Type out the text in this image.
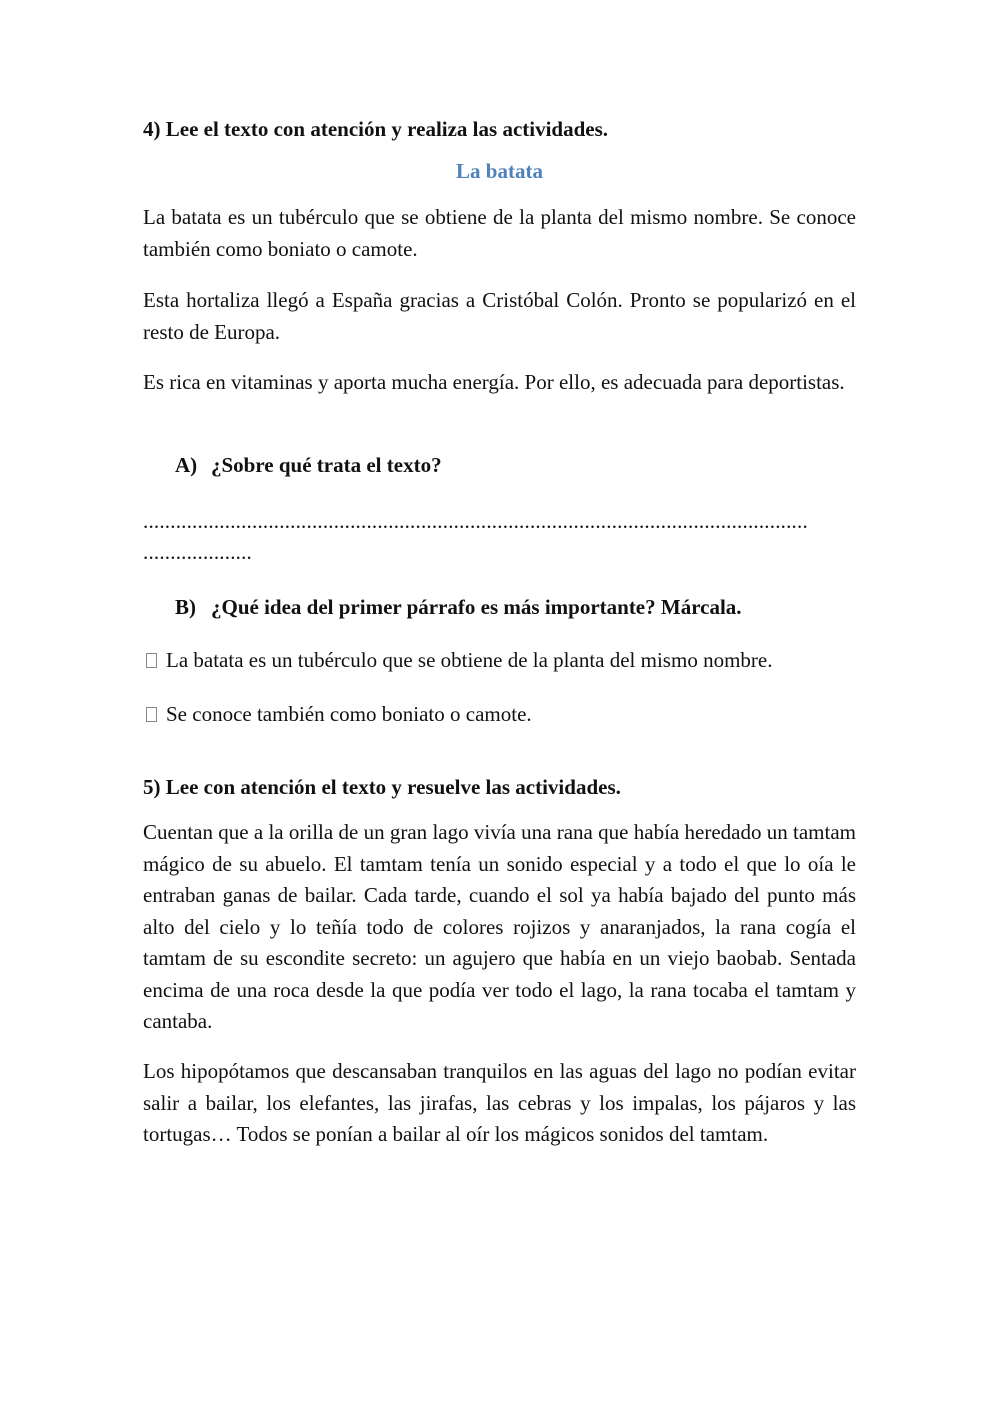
4) Lee el texto con atención y realiza las actividades.

La batata

La batata es un tubérculo que se obtiene de la planta del mismo nombre. Se conoce también como boniato o camote.

Esta hortaliza llegó a España gracias a Cristóbal Colón. Pronto se popularizó en el resto de Europa.

Es rica en vitaminas y aporta mucha energía. Por ello, es adecuada para deportistas.

A) ¿Sobre qué trata el texto?

..........................................................................................................................

....................

B) ¿Qué idea del primer párrafo es más importante? Márcala.

La batata es un tubérculo que se obtiene de la planta del mismo nombre.

Se conoce también como boniato o camote.

5) Lee con atención el texto y resuelve las actividades.

Cuentan que a la orilla de un gran lago vivía una rana que había heredado un tamtam mágico de su abuelo. El tamtam tenía un sonido especial y a todo el que lo oía le entraban ganas de bailar. Cada tarde, cuando el sol ya había bajado del punto más alto del cielo y lo teñía todo de colores rojizos y anaranjados, la rana cogía el tamtam de su escondite secreto: un agujero que había en un viejo baobab. Sentada encima de una roca desde la que podía ver todo el lago, la rana tocaba el tamtam y cantaba.

Los hipopótamos que descansaban tranquilos en las aguas del lago no podían evitar salir a bailar, los elefantes, las jirafas, las cebras y los impalas, los pájaros y las tortugas… Todos se ponían a bailar al oír los mágicos sonidos del tamtam.
